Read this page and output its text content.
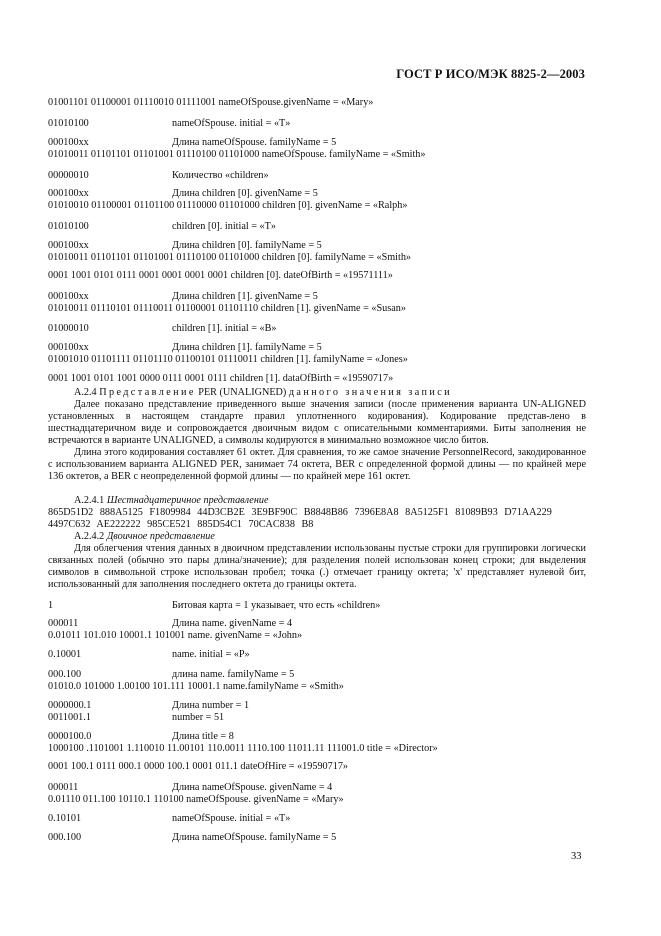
ГОСТ Р ИСО/МЭК 8825-2—2003
01001101 01100001 01110010 01111001 nameOfSpouse.givenName = «Mary»
01010100	nameOfSpouse. initial = «T»
000100xx	Длина nameOfSpouse. familyName = 5
01010011 01101101 01101001 01110100 01101000 nameOfSpouse. familyName = «Smith»
00000010	Количество «children»
000100xx	Длина children [0]. givenName = 5
01010010 01100001 01101100 01110000 01101000 children [0]. givenName = «Ralph»
01010100	children [0]. initial = «T»
000100xx	Длина children [0]. familyName = 5
01010011 01101101 01101001 01110100 01101000 children [0]. familyName = «Smith»
0001 1001 0101 0111 0001 0001 0001 0001 children [0]. dateOfBirth = «19571111»
000100xx	Длина children [1]. givenName = 5
01010011 01110101 01110011 01100001 01101110 children [1]. givenName = «Susan»
01000010	children [1]. initial = «B»
000100xx	Длина children [1]. familyName = 5
01001010 01101111 01101110 01100101 01110011 children [1]. familyName = «Jones»
0001 1001 0101 1001 0000 0111 0001 0111 children [1]. dataOfBirth = «19590717»

A.2.4 Представление PER (UNALIGNED) данного значения записи

Далее показано представление приведенного выше значения записи (после применения варианта UN-ALIGNED установленных в настоящем стандарте правил уплотненного кодирования). Кодирование представ-лено в шестнадцатеричном виде и сопровождается двоичным видом с описательными комментариями. Биты заполнения не встречаются в варианте UNALIGNED, а символы кодируются в минимально возможное число битов.

Длина этого кодирования составляет 61 октет. Для сравнения, то же самое значение PersonnelRecord, закодированное с использованием варианта ALIGNED PER, занимает 74 октета, BER с определенной формой длины — по крайней мере 136 октетов, а BER с неопределенной формой длины — по крайней мере 161 октет.

A.2.4.1 Шестнадцатеричное представление
865D51D2 888A5125 F1809984 44D3CB2E 3E9BF90C B8848B86 7396E8A8 8A5125F1 81089B93 D71AA229 4497C632 AE222222 985CE521 885D54C1 70CAC838 B8
A.2.4.2 Двоичное представление

Для облегчения чтения данных в двоичном представлении использованы пустые строки для группировки логически связанных полей (обычно это пары длина/значение); для разделения полей использован конец строки; для выделения символов в символьной строке использован пробел; точка (.) отмечает границу октета; 'x' представляет нулевой бит, использованный для заполнения последнего октета до границы октета.

1	Битовая карта = 1 указывает, что есть «children»
000011	Длина name. givenName = 4
0.01011 101.010 10001.1 101001 name. givenName = «John»
0.10001	name. initial = «P»
000.100	длина name. familyName = 5
01010.0 101000 1.00100 101.111 10001.1 name.familyName = «Smith»
0000000.1	Длина number = 1
0011001.1	number = 51
0000100.0	Длина title = 8
1000100 .1101001 1.110010 11.00101 110.0011 1110.100 11011.11 111001.0 title = «Director»
0001 100.1 0111 000.1 0000 100.1 0001 011.1 dateOfHire = «19590717»
000011	Длина nameOfSpouse. givenName = 4
0.01110 011.100 10110.1 110100 nameOfSpouse. givenName = «Mary»
0.10101	nameOfSpouse. initial = «T»
000.100	Длина nameOfSpouse. familyName = 5
33
